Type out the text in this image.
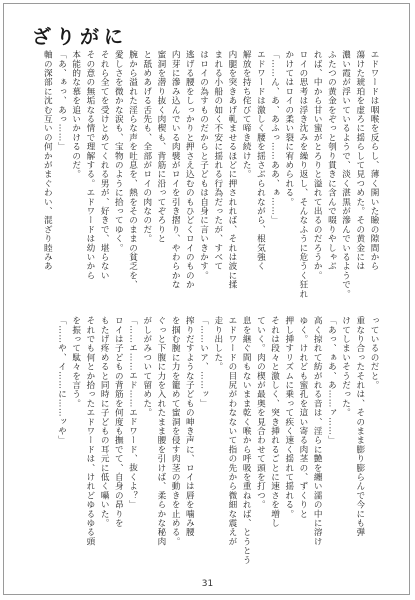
ざりがに

エドワードは咽喉を反らし、薄く開いた瞼の隙間から

蕩けた琥珀を虚ろに揺らして見つめた。その黄金には

濃い霞が浮いているようで、淡く湛黒が滲んでいるようで。

ふたつの黄金をぞっと刳り貫きに含んで啜りやしゃぶ

れば、中から甘い蜜がとろりと溢れて出るのだろうか。

ロイの思考は浮き沈みを繰り返し、そんなふうに危うく狂れ

かけてはロイの柔い裂に宥められる。

「……ん、あ、あふっ……ああ、ぁ……」

エドワードは激しく腰を揺さぶられながら、根気強く

解放を持ち侘びて啼き続けた。

内腿を突きあげ軋ませるほどに押されれば、それは波に揉

まれる小船の如く不安に揺れる行為だったが、すべて

はロイの為すものだからと子どもは自身に言いきかす。

逃げる腰をしっかりと押さえ込むのもひどくロイのものか

内芽に滲み込んでいる肉襞がロイを引き摺り、やわらかな

蜜洞を潜り抜く肉楔も、背筋に沿ってぞろりと

と舐めあげる舌先も、全部がロイの肉なのだ。

腕から溢れた淫らな声を吐息を、熱をそのままの貧乏を、

愛しさを微かな涙も、宝物のように拾ってゆく。

それら全てを受けとめてくれる男が、好きで、堪らない

その意の無垢なる情で理解する。エドワードは幼いから

本能的な慕を追いかけるのだ。

「あ、ぁっ、あっ……」

軸の深部に沈む互いの何かがまぐわい、混ざり睦みあ

っているのだと。

重なり合ったそれは、そのまま膨り膨らんで今にも弾

けてしまいそうだった。

「あっ、ぁあ、あ……ァ……」

高く掠れて紡がれる音は、淫らに艶を纏い濡の中に溶け

ゆく。けれども蜜孔を這い寄る肉茎の、ずくりと

押し挿すリズムに乗って疾く速く揺れて揺れる。

それは段々と激しく、突き挿れるごとに速さを増し

ていく。肉の楔が最奥を見合わせて頭を打つ。

息を継ぐ間もないまま乾く喉から呼吸を重ねれば、とうとう

エドワードの目尻がわなないて指の先から微細な震えが

走り出した。

「……いア、……ッ」

搾りだすような子どもの呻き声に、ロイは唇を噛み腰

を掴む腕に力を籠めて蜜洞を侵す肉茎の動きを止める。

ぐっと下腹に力を入れたまま腰を引けば、柔らかな秘肉

がしがみついて留めた。

「……エ……エド……エドワード、抜くよ？」

ロイは子どもの背筋を何度も撫でて、自身の昂りを

もたげ疼めると同時に子どもの耳元に低く囁いた。

それでも何とか拾ったエドワードは、けれどゆるゆる頭

を振って駄々を言う。

「……や、イ……に……ッや」

31
